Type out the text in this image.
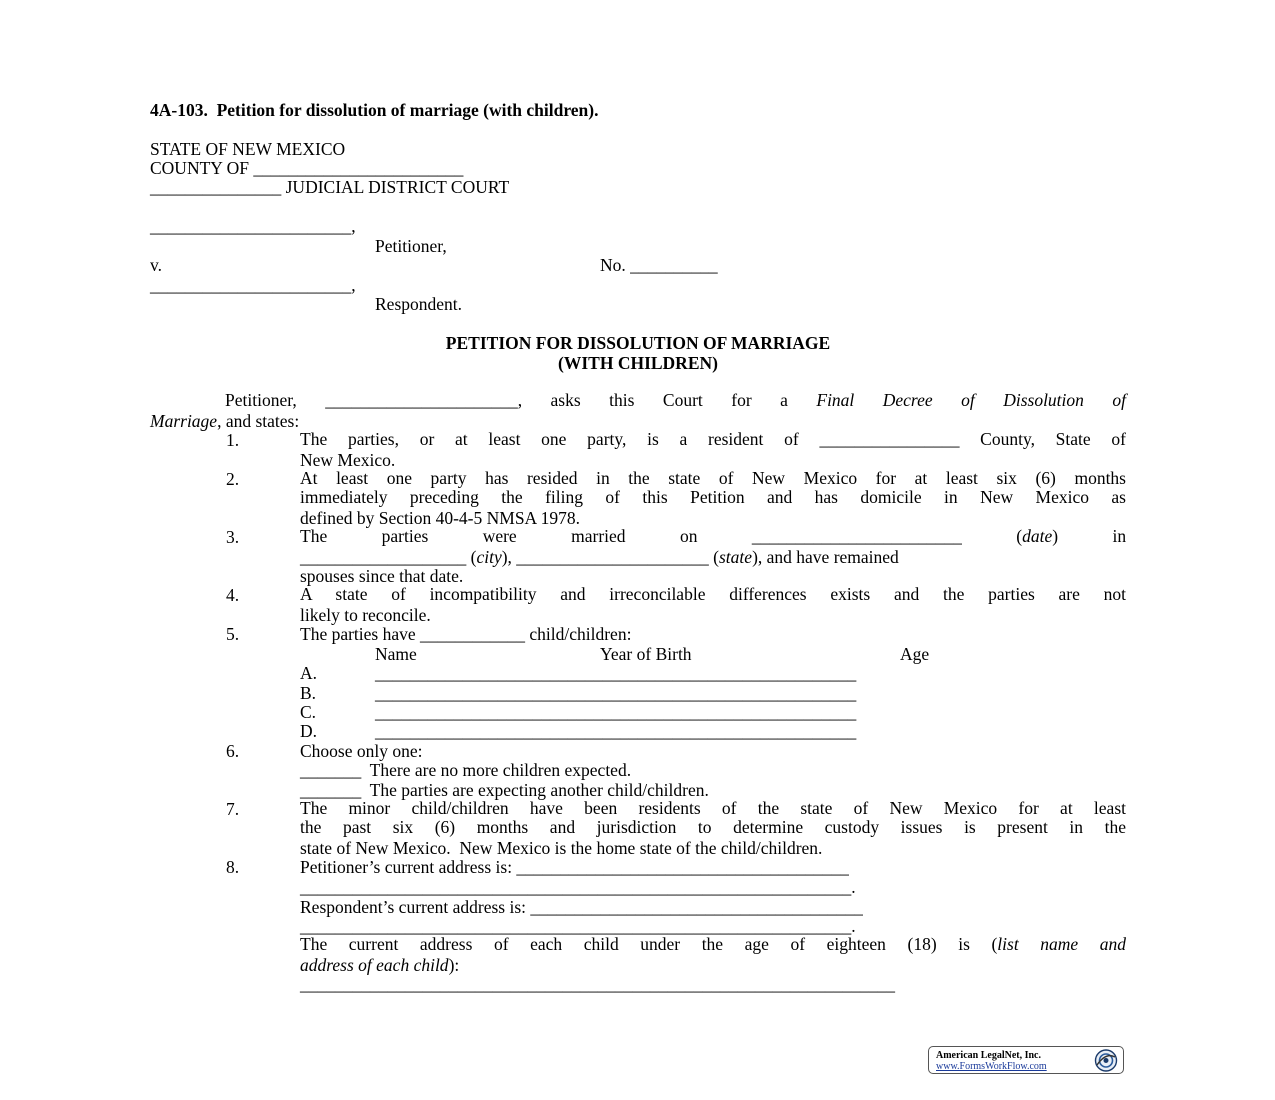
4A-103.  Petition for dissolution of marriage (with children).
STATE OF NEW MEXICO
COUNTY OF ________________________
_______________ JUDICIAL DISTRICT COURT
_______________________,
Petitioner,
v.	No. __________
_______________________,
Respondent.
PETITION FOR DISSOLUTION OF MARRIAGE
(WITH CHILDREN)
Petitioner, ______________________, asks this Court for a Final Decree of Dissolution of
Marriage, and states:
1.	The parties, or at least one party, is a resident of ________________ County, State of
New Mexico.
2.	At least one party has resided in the state of New Mexico for at least six (6) months
immediately preceding the filing of this Petition and has domicile in New Mexico as
defined by Section 40-4-5 NMSA 1978.
3.	The	parties	were	married	on	________________________	(date)	in
___________________ (city), ______________________ (state), and have remained
spouses since that date.
4.	A state of incompatibility and irreconcilable differences exists and the parties are not
likely to reconcile.
5.	The parties have ____________ child/children:
Name	Year of Birth	Age
A.	_______________________________________________________
B.	_______________________________________________________
C.	_______________________________________________________
D.	_______________________________________________________
6.	Choose only one:
_______  There are no more children expected.
_______  The parties are expecting another child/children.
7.	The minor child/children have been residents of the state of New Mexico for at least
the past six (6) months and jurisdiction to determine custody issues is present in the
state of New Mexico.  New Mexico is the home state of the child/children.
8.	Petitioner’s current address is: ______________________________________
_______________________________________________________________.
Respondent’s current address is: ______________________________________
_______________________________________________________________.
The current address of each child under the age of eighteen (18) is (list name and
address of each child):
____________________________________________________________________
American LegalNet, Inc.
www.FormsWorkFlow.com
